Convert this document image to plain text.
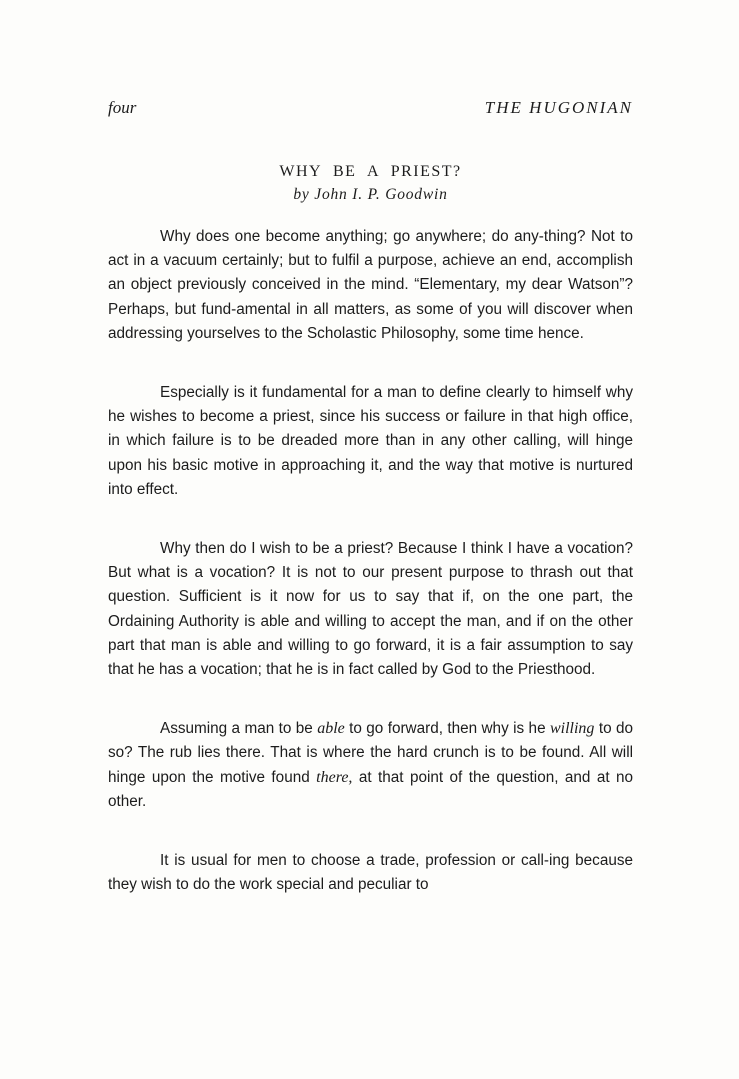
four	THE HUGONIAN
WHY BE A PRIEST?
by John I. P. Goodwin

Why does one become anything; go anywhere; do any-thing? Not to act in a vacuum certainly; but to fulfil a purpose, achieve an end, accomplish an object previously conceived in the mind. “Elementary, my dear Watson”? Perhaps, but fund-amental in all matters, as some of you will discover when addressing yourselves to the Scholastic Philosophy, some time hence.

Especially is it fundamental for a man to define clearly to himself why he wishes to become a priest, since his success or failure in that high office, in which failure is to be dreaded more than in any other calling, will hinge upon his basic motive in approaching it, and the way that motive is nurtured into effect.

Why then do I wish to be a priest? Because I think I have a vocation? But what is a vocation? It is not to our present purpose to thrash out that question. Sufficient is it now for us to say that if, on the one part, the Ordaining Authority is able and willing to accept the man, and if on the other part that man is able and willing to go forward, it is a fair assumption to say that he has a vocation; that he is in fact called by God to the Priesthood.

Assuming a man to be able to go forward, then why is he willing to do so? The rub lies there. That is where the hard crunch is to be found. All will hinge upon the motive found there, at that point of the question, and at no other.

It is usual for men to choose a trade, profession or call-ing because they wish to do the work special and peculiar to
